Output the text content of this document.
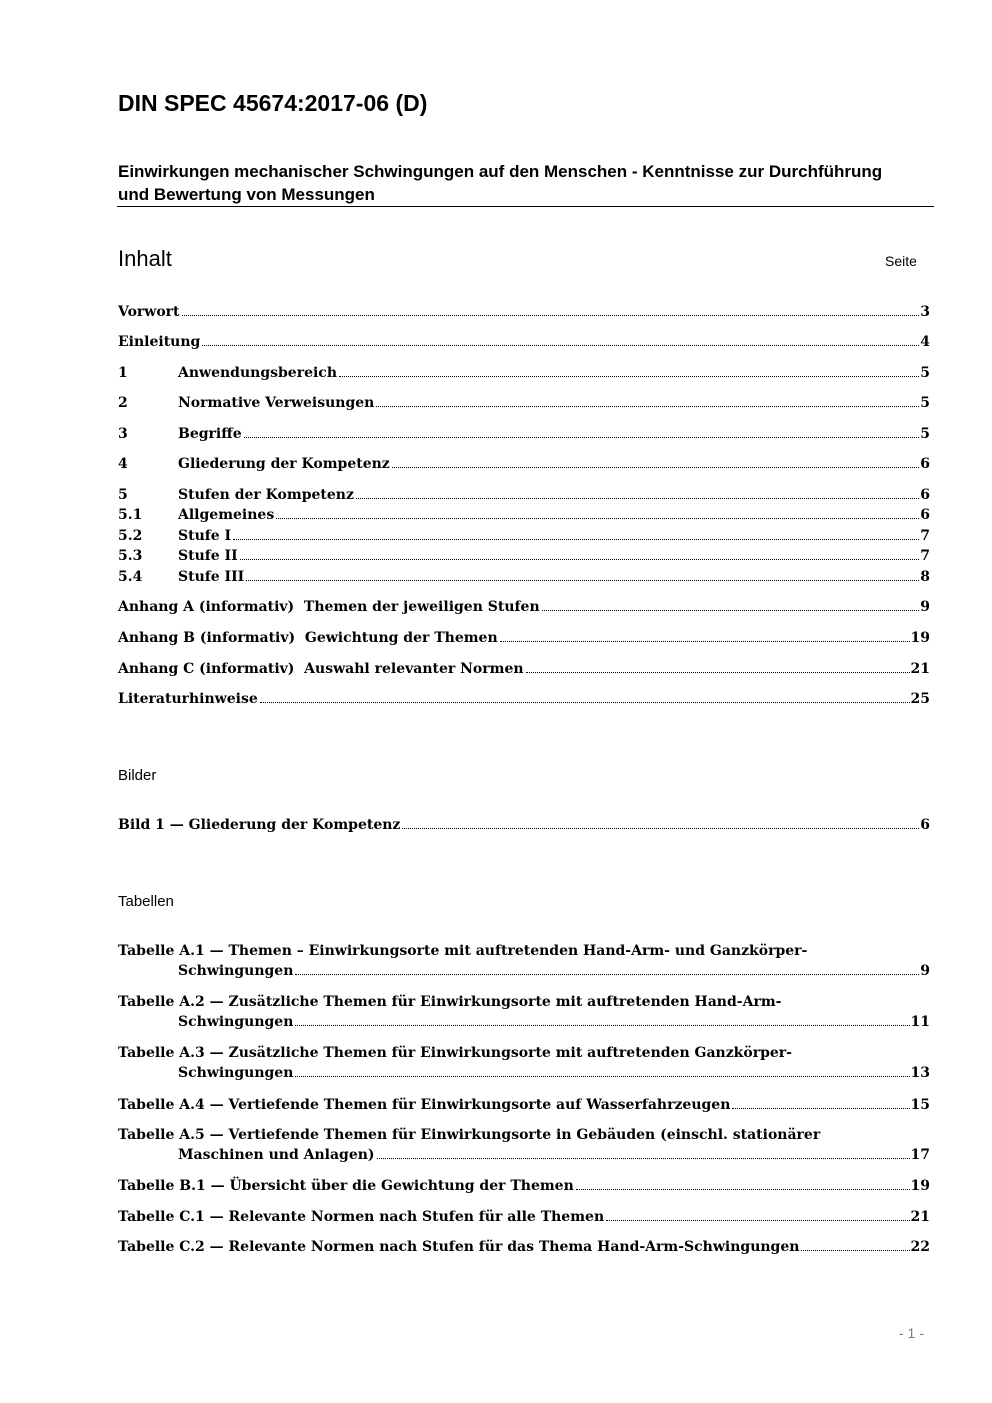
DIN SPEC 45674:2017-06 (D)
Einwirkungen mechanischer Schwingungen auf den Menschen - Kenntnisse zur Durchführung und Bewertung von Messungen
Inhalt	Seite
Vorwort	3
Einleitung	4
1	Anwendungsbereich	5
2	Normative Verweisungen	5
3	Begriffe	5
4	Gliederung der Kompetenz	6
5	Stufen der Kompetenz	6
5.1	Allgemeines	6
5.2	Stufe I	7
5.3	Stufe II	7
5.4	Stufe III	8
Anhang A (informativ)  Themen der jeweiligen Stufen	9
Anhang B (informativ)  Gewichtung der Themen	19
Anhang C (informativ)  Auswahl relevanter Normen	21
Literaturhinweise	25
Bilder
Bild 1 — Gliederung der Kompetenz	6
Tabellen
Tabelle A.1 — Themen – Einwirkungsorte mit auftretenden Hand-Arm- und Ganzkörper-
Schwingungen	9
Tabelle A.2 — Zusätzliche Themen für Einwirkungsorte mit auftretenden Hand-Arm-
Schwingungen	11
Tabelle A.3 — Zusätzliche Themen für Einwirkungsorte mit auftretenden Ganzkörper-
Schwingungen	13
Tabelle A.4 — Vertiefende Themen für Einwirkungsorte auf Wasserfahrzeugen	15
Tabelle A.5 — Vertiefende Themen für Einwirkungsorte in Gebäuden (einschl. stationärer
Maschinen und Anlagen)	17
Tabelle B.1 — Übersicht über die Gewichtung der Themen	19
Tabelle C.1 — Relevante Normen nach Stufen für alle Themen	21
Tabelle C.2 — Relevante Normen nach Stufen für das Thema Hand-Arm-Schwingungen	22
- 1 -
